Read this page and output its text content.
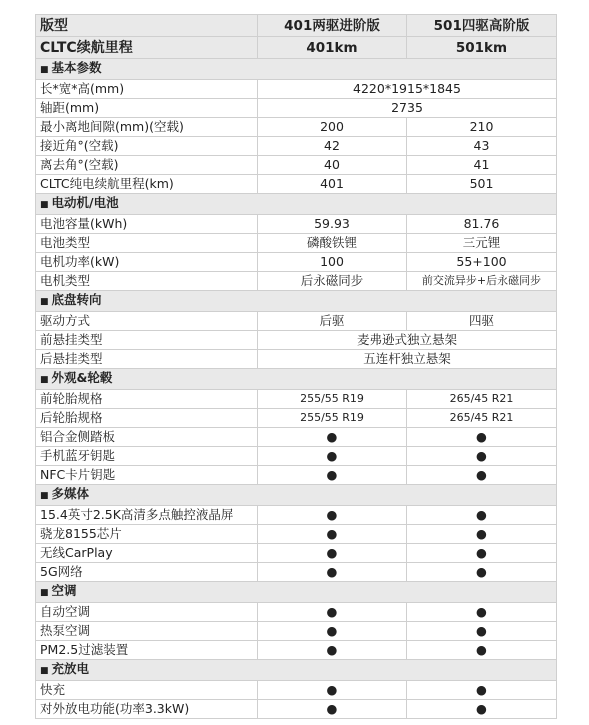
版型	401两驱进阶版	501四驱高阶版
CLTC续航里程	401km	501km
■ 基本参数		
长*宽*高(mm)	4220*1915*1845	
轴距(mm)	2735	
最小离地间隙(mm)(空载)	200	210
接近角°(空载)	42	43
离去角°(空载)	40	41
CLTC纯电续航里程(km)	401	501
■ 电动机/电池		
电池容量(kWh)	59.93	81.76
电池类型	磷酸铁锂	三元锂
电机功率(kW)	100	55+100
电机类型	后永磁同步	前交流异步+后永磁同步
■ 底盘转向		
驱动方式	后驱	四驱
前悬挂类型	麦弗逊式独立悬架	
后悬挂类型	五连杆独立悬架	
■ 外观&轮毂		
前轮胎规格	255/55 R19	265/45 R21
后轮胎规格	255/55 R19	265/45 R21
铝合金侧踏板	●	●
手机蓝牙钥匙	●	●
NFC卡片钥匙	●	●
■ 多媒体		
15.4英寸2.5K高清多点触控液晶屏	●	●
骁龙8155芯片	●	●
无线CarPlay	●	●
5G网络	●	●
■ 空调		
自动空调	●	●
热泵空调	●	●
PM2.5过滤装置	●	●
■ 充放电		
快充	●	●
对外放电功能(功率3.3kW)	●	●
